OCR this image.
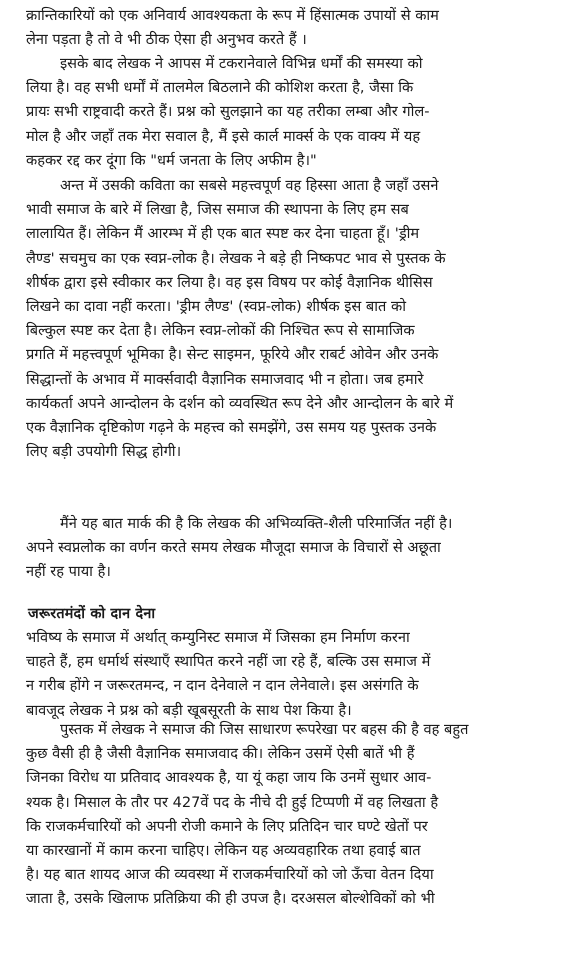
क्रान्तिकारियों को एक अनिवार्य आवश्यकता के रूप में हिंसात्मक उपायों से काम
लेना पड़ता है तो वे भी ठीक ऐसा ही अनुभव करते हैं ।
इसके बाद लेखक ने आपस में टकरानेवाले विभिन्न धर्मों की समस्या को
लिया है। वह सभी धर्मों में तालमेल बिठलाने की कोशिश करता है, जैसा कि
प्रायः सभी राष्ट्रवादी करते हैं। प्रश्न को सुलझाने का यह तरीका लम्बा और गोल-
मोल है और जहाँ तक मेरा सवाल है, मैं इसे कार्ल मार्क्स के एक वाक्य में यह
कहकर रद्द कर दूंगा कि "धर्म जनता के लिए अफीम है।"
अन्त में उसकी कविता का सबसे महत्त्वपूर्ण वह हिस्सा आता है जहाँ उसने
भावी समाज के बारे में लिखा है, जिस समाज की स्थापना के लिए हम सब
लालायित हैं। लेकिन मैं आरम्भ में ही एक बात स्पष्ट कर देना चाहता हूँ। 'ड्रीम
लैण्ड' सचमुच का एक स्वप्न-लोक है। लेखक ने बड़े ही निष्कपट भाव से पुस्तक के
शीर्षक द्वारा इसे स्वीकार कर लिया है। वह इस विषय पर कोई वैज्ञानिक थीसिस
लिखने का दावा नहीं करता। 'ड्रीम लैण्ड' (स्वप्न-लोक) शीर्षक इस बात को
बिल्कुल स्पष्ट कर देता है। लेकिन स्वप्न-लोकों की निश्चित रूप से सामाजिक
प्रगति में महत्त्वपूर्ण भूमिका है। सेन्ट साइमन, फूरिये और राबर्ट ओवेन और उनके
सिद्धान्तों के अभाव में मार्क्सवादी वैज्ञानिक समाजवाद भी न होता। जब हमारे
कार्यकर्ता अपने आन्दोलन के दर्शन को व्यवस्थित रूप देने और आन्दोलन के बारे में
एक वैज्ञानिक दृष्टिकोण गढ़ने के महत्त्व को समझेंगे, उस समय यह पुस्तक उनके
लिए बड़ी उपयोगी सिद्ध होगी।
मैंने यह बात मार्क की है कि लेखक की अभिव्यक्ति-शैली परिमार्जित नहीं है।
अपने स्वप्नलोक का वर्णन करते समय लेखक मौजूदा समाज के विचारों से अछूता
नहीं रह पाया है।
जरूरतमंदों को दान देना
भविष्य के समाज में अर्थात् कम्युनिस्ट समाज में जिसका हम निर्माण करना
चाहते हैं, हम धर्मार्थ संस्थाएँ स्थापित करने नहीं जा रहे हैं, बल्कि उस समाज में
न गरीब होंगे न जरूरतमन्द, न दान देनेवाले न दान लेनेवाले। इस असंगति के
बावजूद लेखक ने प्रश्न को बड़ी खूबसूरती के साथ पेश किया है।
पुस्तक में लेखक ने समाज की जिस साधारण रूपरेखा पर बहस की है वह बहुत
कुछ वैसी ही है जैसी वैज्ञानिक समाजवाद की। लेकिन उसमें ऐसी बातें भी हैं
जिनका विरोध या प्रतिवाद आवश्यक है, या यूं कहा जाय कि उनमें सुधार आव-
श्यक है। मिसाल के तौर पर 427वें पद के नीचे दी हुई टिप्पणी में वह लिखता है
कि राजकर्मचारियों को अपनी रोजी कमाने के लिए प्रतिदिन चार घण्टे खेतों पर
या कारखानों में काम करना चाहिए। लेकिन यह अव्यवहारिक तथा हवाई बात
है। यह बात शायद आज की व्यवस्था में राजकर्मचारियों को जो ऊँचा वेतन दिया
जाता है, उसके खिलाफ प्रतिक्रिया की ही उपज है। दरअसल बोल्शेविकों को भी
